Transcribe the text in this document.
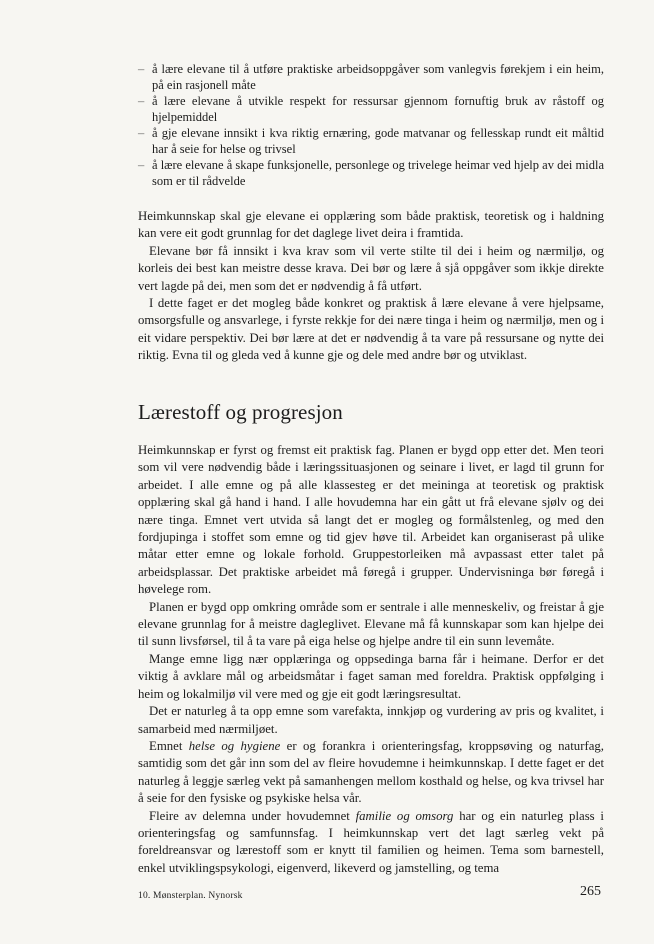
– å lære elevane til å utføre praktiske arbeidsoppgåver som vanlegvis førekjem i ein heim, på ein rasjonell måte
– å lære elevane å utvikle respekt for ressursar gjennom fornuftig bruk av råstoff og hjelpemiddel
– å gje elevane innsikt i kva riktig ernæring, gode matvanar og fellesskap rundt eit måltid har å seie for helse og trivsel
– å lære elevane å skape funksjonelle, personlege og trivelege heimar ved hjelp av dei midla som er til rådvelde

Heimkunnskap skal gje elevane ei opplæring som både praktisk, teoretisk og i haldning kan vere eit godt grunnlag for det daglege livet deira i framtida.

Elevane bør få innsikt i kva krav som vil verte stilte til dei i heim og nærmiljø, og korleis dei best kan meistre desse krava. Dei bør og lære å sjå oppgåver som ikkje direkte vert lagde på dei, men som det er nødvendig å få utført.

I dette faget er det mogleg både konkret og praktisk å lære elevane å vere hjelpsame, omsorgsfulle og ansvarlege, i fyrste rekkje for dei nære tinga i heim og nærmiljø, men og i eit vidare perspektiv. Dei bør lære at det er nødvendig å ta vare på ressursane og nytte dei riktig. Evna til og gleda ved å kunne gje og dele med andre bør og utviklast.

Lærestoff og progresjon

Heimkunnskap er fyrst og fremst eit praktisk fag. Planen er bygd opp etter det. Men teori som vil vere nødvendig både i læringssituasjonen og seinare i livet, er lagd til grunn for arbeidet. I alle emne og på alle klassesteg er det meininga at teoretisk og praktisk opplæring skal gå hand i hand. I alle hovudemna har ein gått ut frå elevane sjølv og dei nære tinga. Emnet vert utvida så langt det er mogleg og formålstenleg, og med den fordjupinga i stoffet som emne og tid gjev høve til. Arbeidet kan organiserast på ulike måtar etter emne og lokale forhold. Gruppestorleiken må avpassast etter talet på arbeidsplassar. Det praktiske arbeidet må føregå i grupper. Undervisninga bør føregå i høvelege rom.

Planen er bygd opp omkring område som er sentrale i alle menneskeliv, og freistar å gje elevane grunnlag for å meistre dagleglivet. Elevane må få kunnskapar som kan hjelpe dei til sunn livsførsel, til å ta vare på eiga helse og hjelpe andre til ein sunn levemåte.

Mange emne ligg nær opplæringa og oppsedinga barna får i heimane. Derfor er det viktig å avklare mål og arbeidsmåtar i faget saman med foreldra. Praktisk oppfølging i heim og lokalmiljø vil vere med og gje eit godt læringsresultat.

Det er naturleg å ta opp emne som varefakta, innkjøp og vurdering av pris og kvalitet, i samarbeid med nærmiljøet.

Emnet helse og hygiene er og forankra i orienteringsfag, kroppsøving og naturfag, samtidig som det går inn som del av fleire hovudemne i heimkunnskap. I dette faget er det naturleg å leggje særleg vekt på samanhengen mellom kosthald og helse, og kva trivsel har å seie for den fysiske og psykiske helsa vår.

Fleire av delemna under hovudemnet familie og omsorg har og ein naturleg plass i orienteringsfag og samfunnsfag. I heimkunnskap vert det lagt særleg vekt på foreldreansvar og lærestoff som er knytt til familien og heimen. Tema som barnestell, enkel utviklingspsykologi, eigenverd, likeverd og jamstelling, og tema

10. Mønsterplan. Nynorsk	265
